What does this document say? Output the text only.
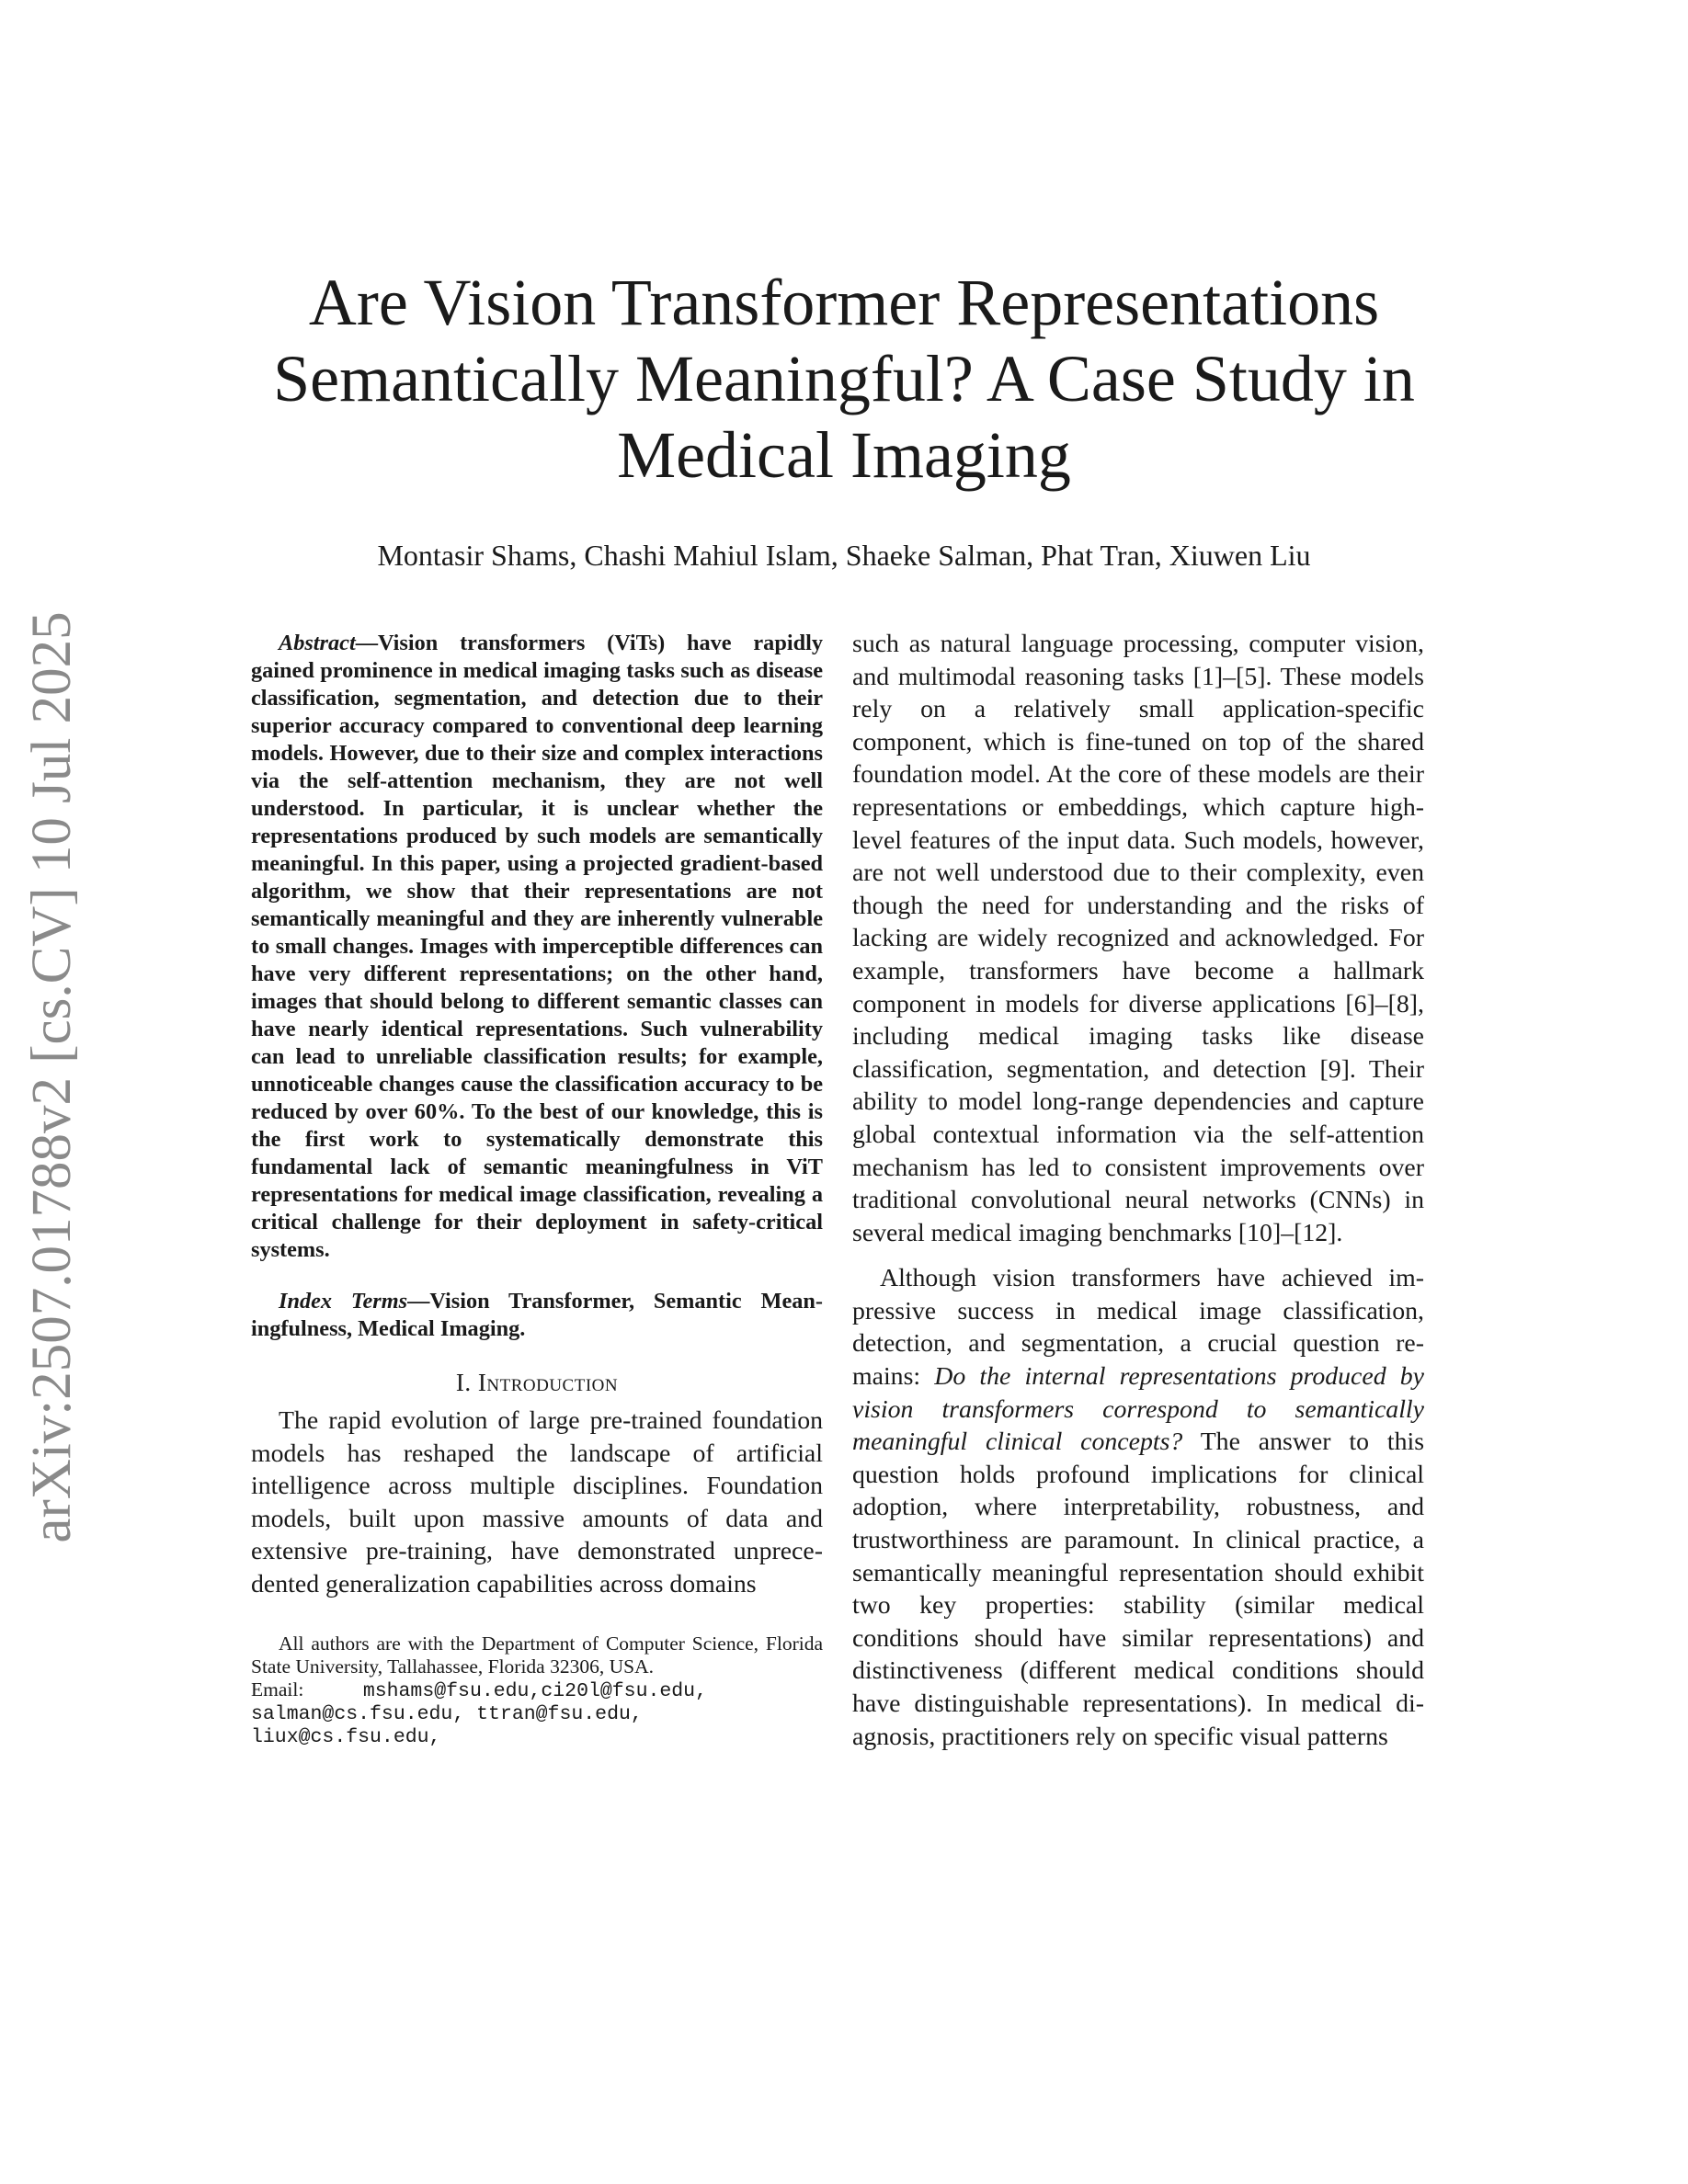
arXiv:2507.01788v2 [cs.CV] 10 Jul 2025
Are Vision Transformer Representations Semantically Meaningful? A Case Study in Medical Imaging
Montasir Shams, Chashi Mahiul Islam, Shaeke Salman, Phat Tran, Xiuwen Liu

Abstract—Vision transformers (ViTs) have rapidly gained prominence in medical imaging tasks such as disease classification, segmentation, and detection due to their superior accuracy compared to conventional deep learning models. However, due to their size and complex interactions via the self-attention mechanism, they are not well understood. In particular, it is unclear whether the representations produced by such models are semantically meaningful. In this paper, using a projected gradient-based algorithm, we show that their representations are not semantically meaningful and they are inherently vulnerable to small changes. Images with imperceptible differences can have very different representations; on the other hand, images that should belong to different semantic classes can have nearly identical representations. Such vulnerability can lead to unreliable classification results; for example, unnoticeable changes cause the classification accuracy to be reduced by over 60%. To the best of our knowledge, this is the first work to systematically demonstrate this fundamental lack of semantic meaningfulness in ViT representations for medical image classification, revealing a critical challenge for their deployment in safety-critical systems.

Index Terms—Vision Transformer, Semantic Meaningfulness, Medical Imaging.

I. Introduction

The rapid evolution of large pre-trained foundation models has reshaped the landscape of artificial intelligence across multiple disciplines. Foundation models, built upon massive amounts of data and extensive pre-training, have demonstrated unprecedented generalization capabilities across domains

All authors are with the Department of Computer Science, Florida State University, Tallahassee, Florida 32306, USA.
Email:	mshams@fsu.edu,ci20l@fsu.edu,
salman@cs.fsu.edu, ttran@fsu.edu,
liux@cs.fsu.edu,

such as natural language processing, computer vision, and multimodal reasoning tasks [1]–[5]. These models rely on a relatively small application-specific component, which is fine-tuned on top of the shared foundation model. At the core of these models are their representations or embeddings, which capture high-level features of the input data. Such models, however, are not well understood due to their complexity, even though the need for understanding and the risks of lacking are widely recognized and acknowledged. For example, transformers have become a hallmark component in models for diverse applications [6]–[8], including medical imaging tasks like disease classification, segmentation, and detection [9]. Their ability to model long-range dependencies and capture global contextual information via the self-attention mechanism has led to consistent improvements over traditional convolutional neural networks (CNNs) in several medical imaging benchmarks [10]–[12].

Although vision transformers have achieved impressive success in medical image classification, detection, and segmentation, a crucial question remains: Do the internal representations produced by vision transformers correspond to semantically meaningful clinical concepts? The answer to this question holds profound implications for clinical adoption, where interpretability, robustness, and trustworthiness are paramount. In clinical practice, a semantically meaningful representation should exhibit two key properties: stability (similar medical conditions should have similar representations) and distinctiveness (different medical conditions should have distinguishable representations). In medical diagnosis, practitioners rely on specific visual patterns
